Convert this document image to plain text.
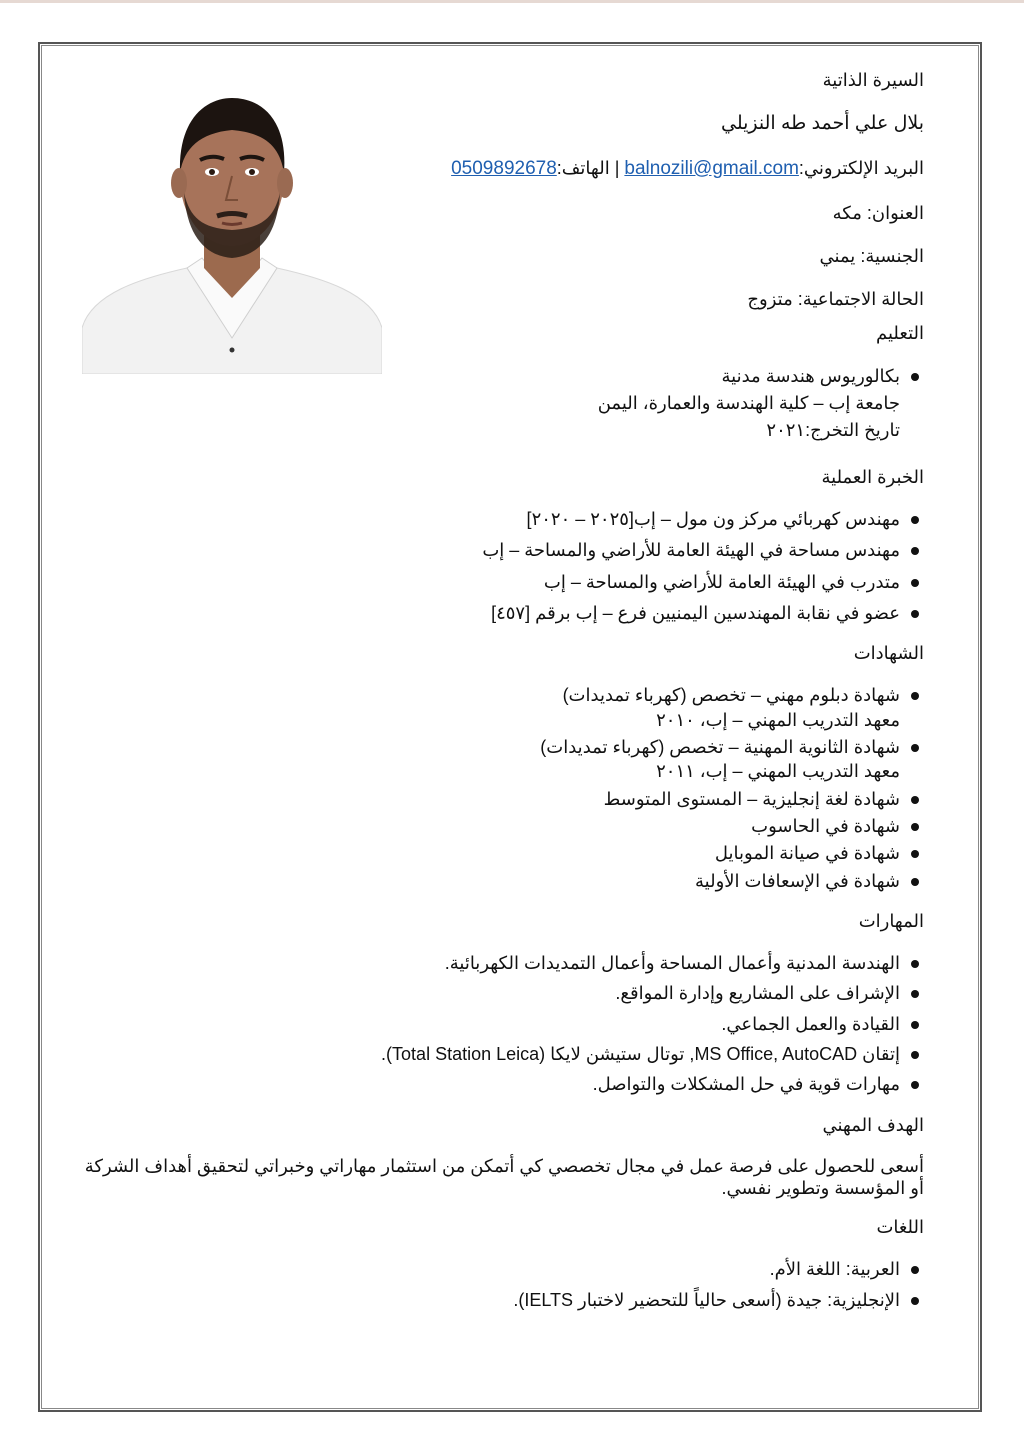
السيرة الذاتية

بلال علي أحمد طه النزيلي

البريد الإلكتروني:balnozili@gmail.com | الهاتف:0509892678

العنوان: مكه

الجنسية: يمني

الحالة الاجتماعية: متزوج

التعليم

بكالوريوس هندسة مدنية
جامعة إب – كلية الهندسة والعمارة، اليمن
تاريخ التخرج:٢٠٢١

الخبرة العملية

مهندس كهربائي مركز ون مول – إب[٢٠٢٥ – ٢٠٢٠]
مهندس مساحة في الهيئة العامة للأراضي والمساحة – إب
متدرب في الهيئة العامة للأراضي والمساحة – إب
عضو في نقابة المهندسين اليمنيين فرع – إب برقم [٤٥٧]

الشهادات

شهادة دبلوم مهني – تخصص (كهرباء تمديدات)
معهد التدريب المهني – إب، ٢٠١٠
شهادة الثانوية المهنية – تخصص (كهرباء تمديدات)
معهد التدريب المهني – إب، ٢٠١١
شهادة لغة إنجليزية – المستوى المتوسط
شهادة في الحاسوب
شهادة في صيانة الموبايل
شهادة في الإسعافات الأولية

المهارات

الهندسة المدنية وأعمال المساحة وأعمال التمديدات الكهربائية.
الإشراف على المشاريع وإدارة المواقع.
القيادة والعمل الجماعي.
إتقان MS Office, AutoCAD, توتال ستيشن لايكا (Total Station Leica).
مهارات قوية في حل المشكلات والتواصل.

الهدف المهني

أسعى للحصول على فرصة عمل في مجال تخصصي كي أتمكن من استثمار مهاراتي وخبراتي لتحقيق أهداف الشركة أو المؤسسة وتطوير نفسي.

اللغات

العربية: اللغة الأم.
الإنجليزية: جيدة (أسعى حالياً للتحضير لاختبار IELTS).
